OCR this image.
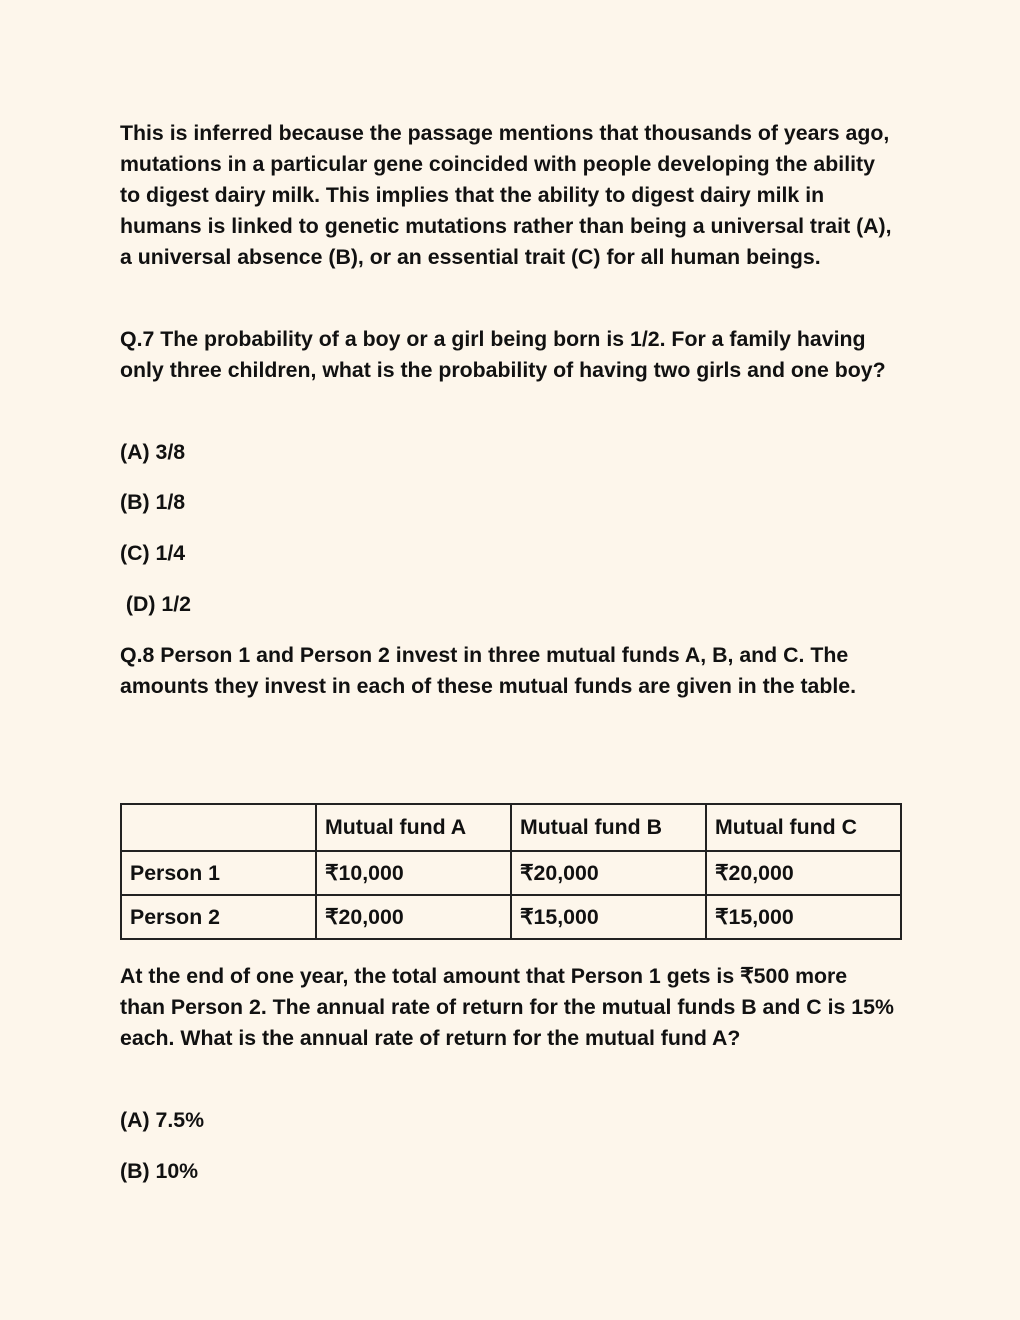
This is inferred because the passage mentions that thousands of years ago, mutations in a particular gene coincided with people developing the ability to digest dairy milk. This implies that the ability to digest dairy milk in humans is linked to genetic mutations rather than being a universal trait (A), a universal absence (B), or an essential trait (C) for all human beings.

Q.7 The probability of a boy or a girl being born is 1/2. For a family having only three children, what is the probability of having two girls and one boy?

(A) 3/8

(B) 1/8

(C) 1/4

(D) 1/2

Q.8 Person 1 and Person 2 invest in three mutual funds A, B, and C. The amounts they invest in each of these mutual funds are given in the table.

	Mutual fund A	Mutual fund B	Mutual fund C
Person 1	₹10,000	₹20,000	₹20,000
Person 2	₹20,000	₹15,000	₹15,000

At the end of one year, the total amount that Person 1 gets is ₹500 more than Person 2. The annual rate of return for the mutual funds B and C is 15% each. What is the annual rate of return for the mutual fund A?

(A) 7.5%

(B) 10%
